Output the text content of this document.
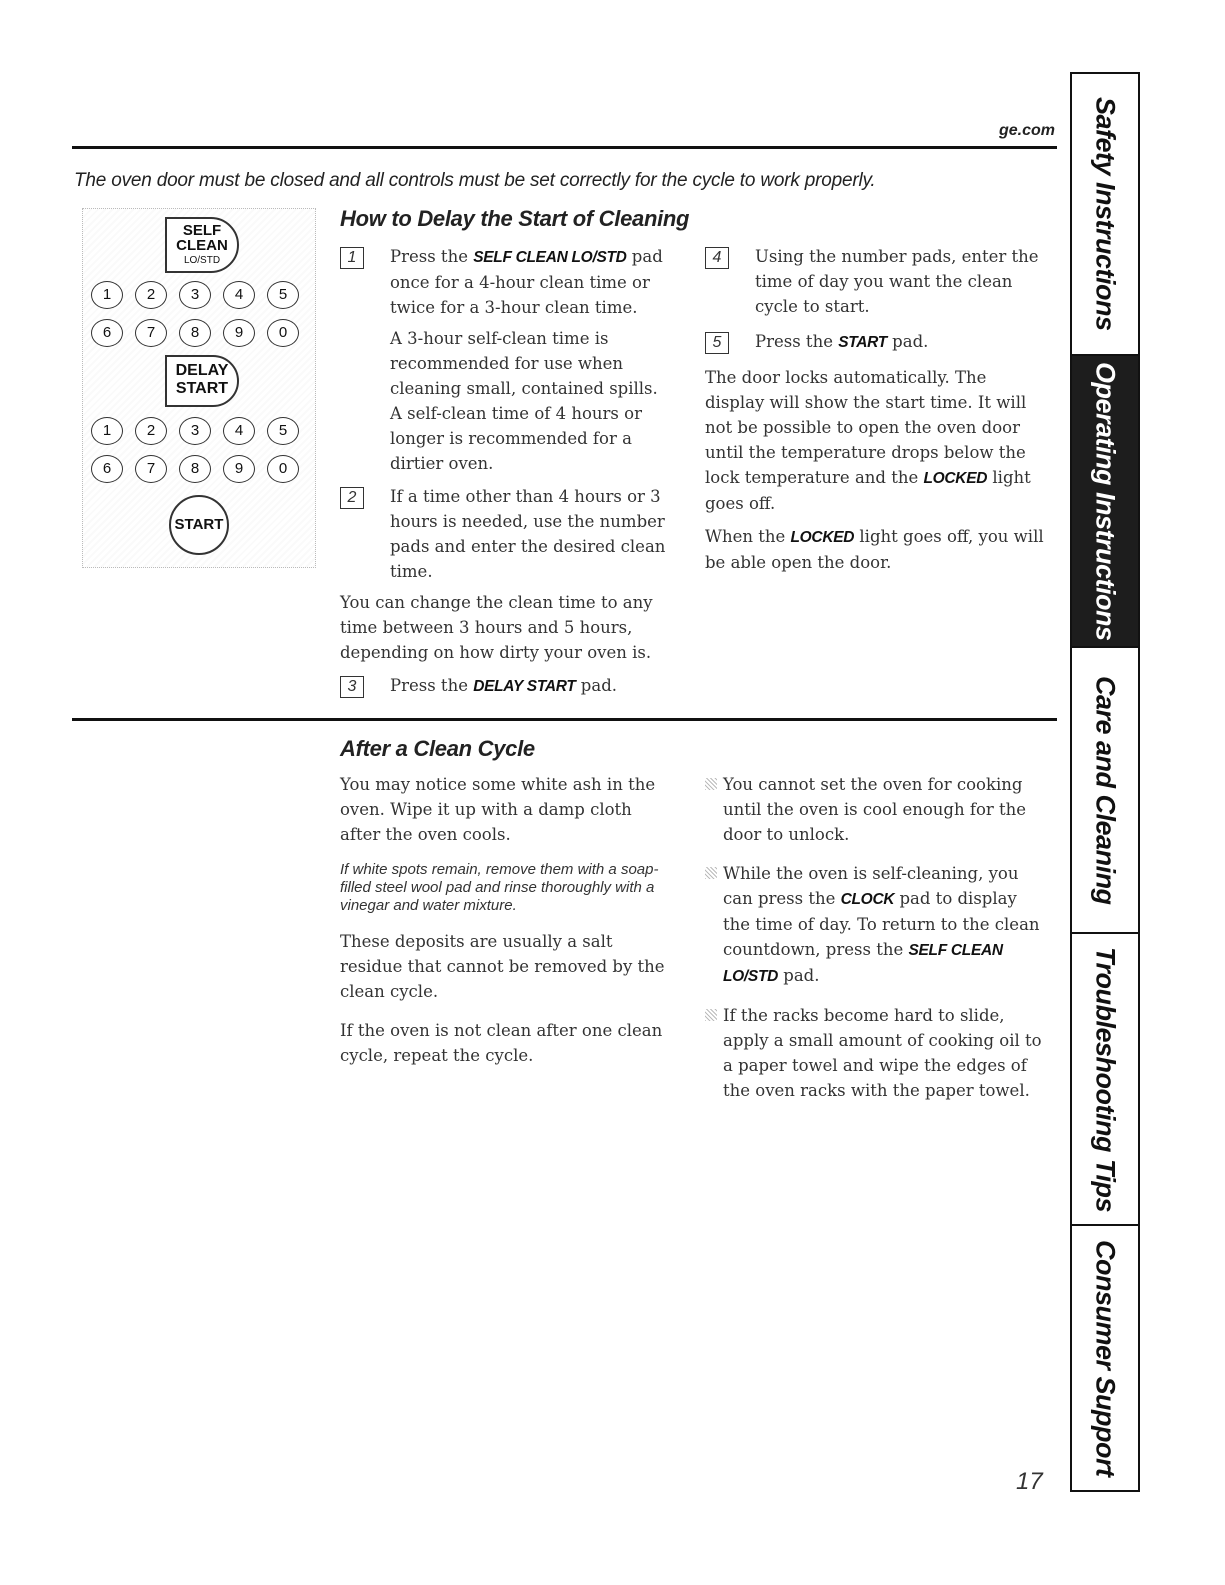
ge.com
The oven door must be closed and all controls must be set correctly for the cycle to work properly.
SELF
CLEAN
LO/STD
1	2	3	4	5
6	7	8	9	0
DELAY
START
1	2	3	4	5
6	7	8	9	0
START
How to Delay the Start of Cleaning
1	Press the SELF CLEAN LO/STD pad once for a 4-hour clean time or twice for a 3-hour clean time.
A 3-hour self-clean time is recommended for use when cleaning small, contained spills. A self-clean time of 4 hours or longer is recommended for a dirtier oven.
2	If a time other than 4 hours or 3 hours is needed, use the number pads and enter the desired clean time.
You can change the clean time to any time between 3 hours and 5 hours, depending on how dirty your oven is.
3	Press the DELAY START pad.
4	Using the number pads, enter the time of day you want the clean cycle to start.
5	Press the START pad.
The door locks automatically. The display will show the start time. It will not be possible to open the oven door until the temperature drops below the lock temperature and the LOCKED light goes off.
When the LOCKED light goes off, you will be able open the door.
After a Clean Cycle
You may notice some white ash in the oven. Wipe it up with a damp cloth after the oven cools.
If white spots remain, remove them with a soap-filled steel wool pad and rinse thoroughly with a vinegar and water mixture.
These deposits are usually a salt residue that cannot be removed by the clean cycle.
If the oven is not clean after one clean cycle, repeat the cycle.
You cannot set the oven for cooking until the oven is cool enough for the door to unlock.
While the oven is self-cleaning, you can press the CLOCK pad to display the time of day. To return to the clean countdown, press the SELF CLEAN LO/STD pad.
If the racks become hard to slide, apply a small amount of cooking oil to a paper towel and wipe the edges of the oven racks with the paper towel.
Safety Instructions
Operating Instructions
Care and Cleaning
Troubleshooting Tips
Consumer Support
17
